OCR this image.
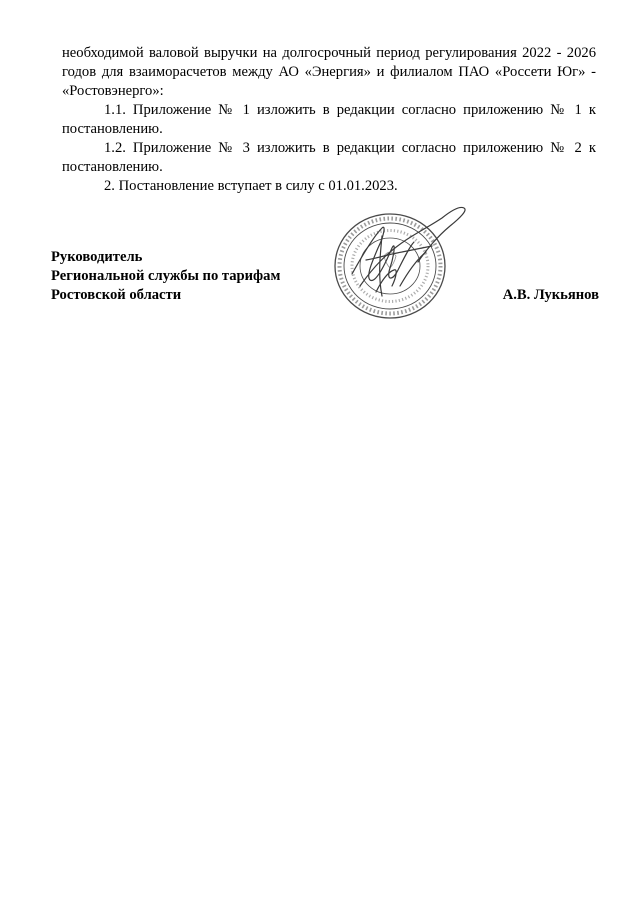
необходимой валовой выручки на долгосрочный период регулирования 2022 - 2026 годов для взаиморасчетов между АО «Энергия» и филиалом ПАО «Россети Юг» - «Ростовэнерго»:

1.1. Приложение № 1 изложить в редакции согласно приложению № 1 к постановлению.

1.2. Приложение № 3 изложить в редакции согласно приложению № 2 к постановлению.

2. Постановление вступает в силу с 01.01.2023.

Руководитель
Региональной службы по тарифам
Ростовской области	А.В. Лукьянов
